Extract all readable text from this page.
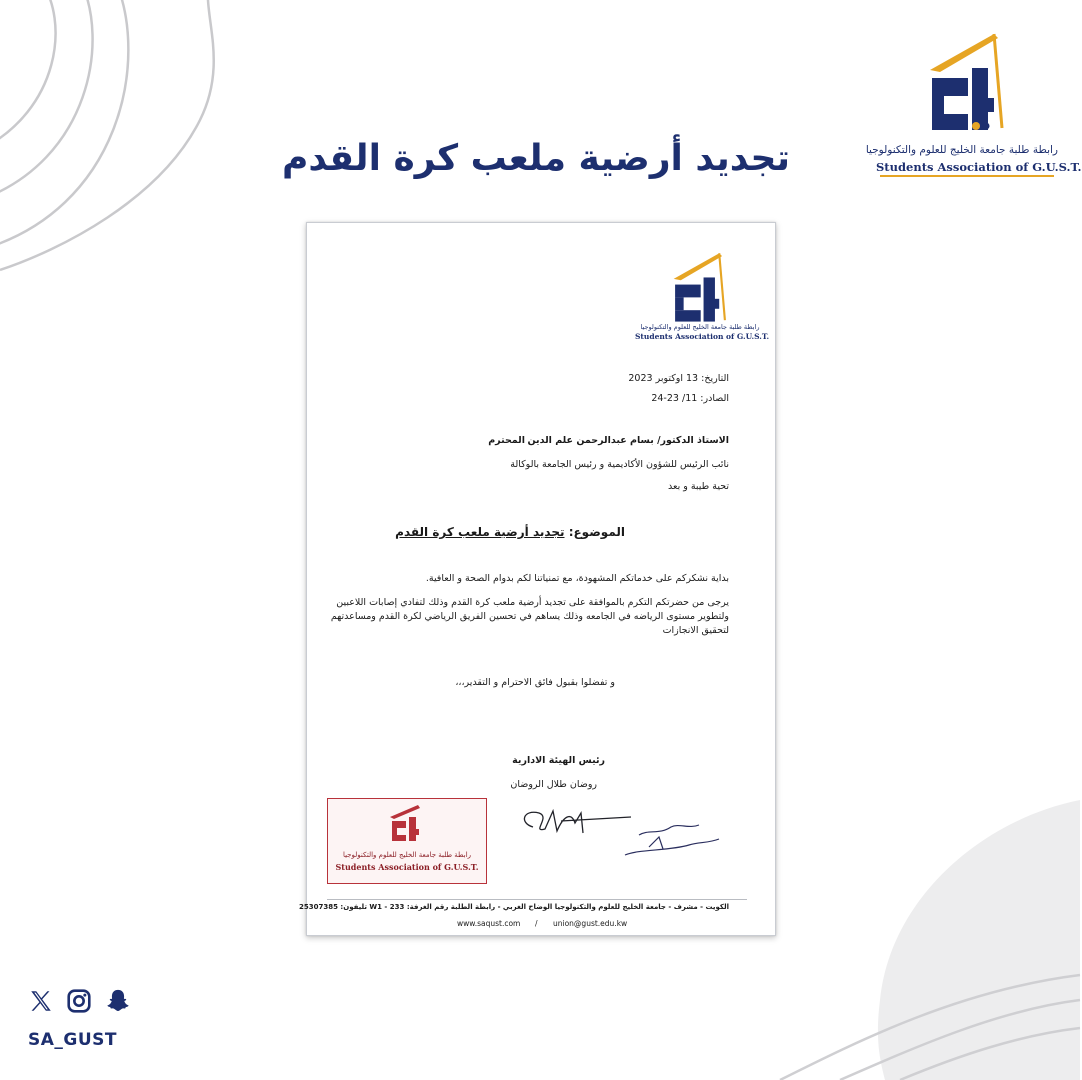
رابطة طلبة جامعة الخليج للعلوم والتكنولوجيا
Students Association of G.U.S.T.
تجديد أرضية ملعب كرة القدم
رابطة طلبة جامعة الخليج للعلوم والتكنولوجيا
Students Association of G.U.S.T.
التاريخ: 13 اوكتوبر 2023
الصادر: 11/ 23-24
الاستاذ الدكتور/ بسام عبدالرحمن علم الدين
المحترم
نائب الرئيس للشؤون الأكاديمية و رئيس الجامعة بالوكالة
تحية طيبة و بعد
الموضوع: تجديد أرضية ملعب كرة القدم
بداية نشكركم على خدماتكم المشهودة، مع تمنياتنا لكم بدوام الصحة و العافية.
يرجى من حضرتكم التكرم بالموافقة على تجديد أرضية ملعب كرة القدم وذلك لتفادي إصابات اللاعبين
ولتطوير مستوى الرياضه في الجامعه وذلك يساهم في تحسين الفريق الرياضي لكرة القدم ومساعدتهم
لتحقيق الانجازات
و تفضلوا بقبول فائق الاحترام و التقدير،،،
رئيس الهيئة الادارية
روضان طلال الروضان
رابطة طلبة جامعة الخليج للعلوم والتكنولوجيا
Students Association of G.U.S.T.
الكويت - مشرف - جامعة الخليج للعلوم والتكنولوجيا الوضاح الغربي - رابطة الطلبة رقم الغرفة: 233 - W1 تليفون: 25307385
www.saqust.com / union@gust.edu.kw
SA_GUST
